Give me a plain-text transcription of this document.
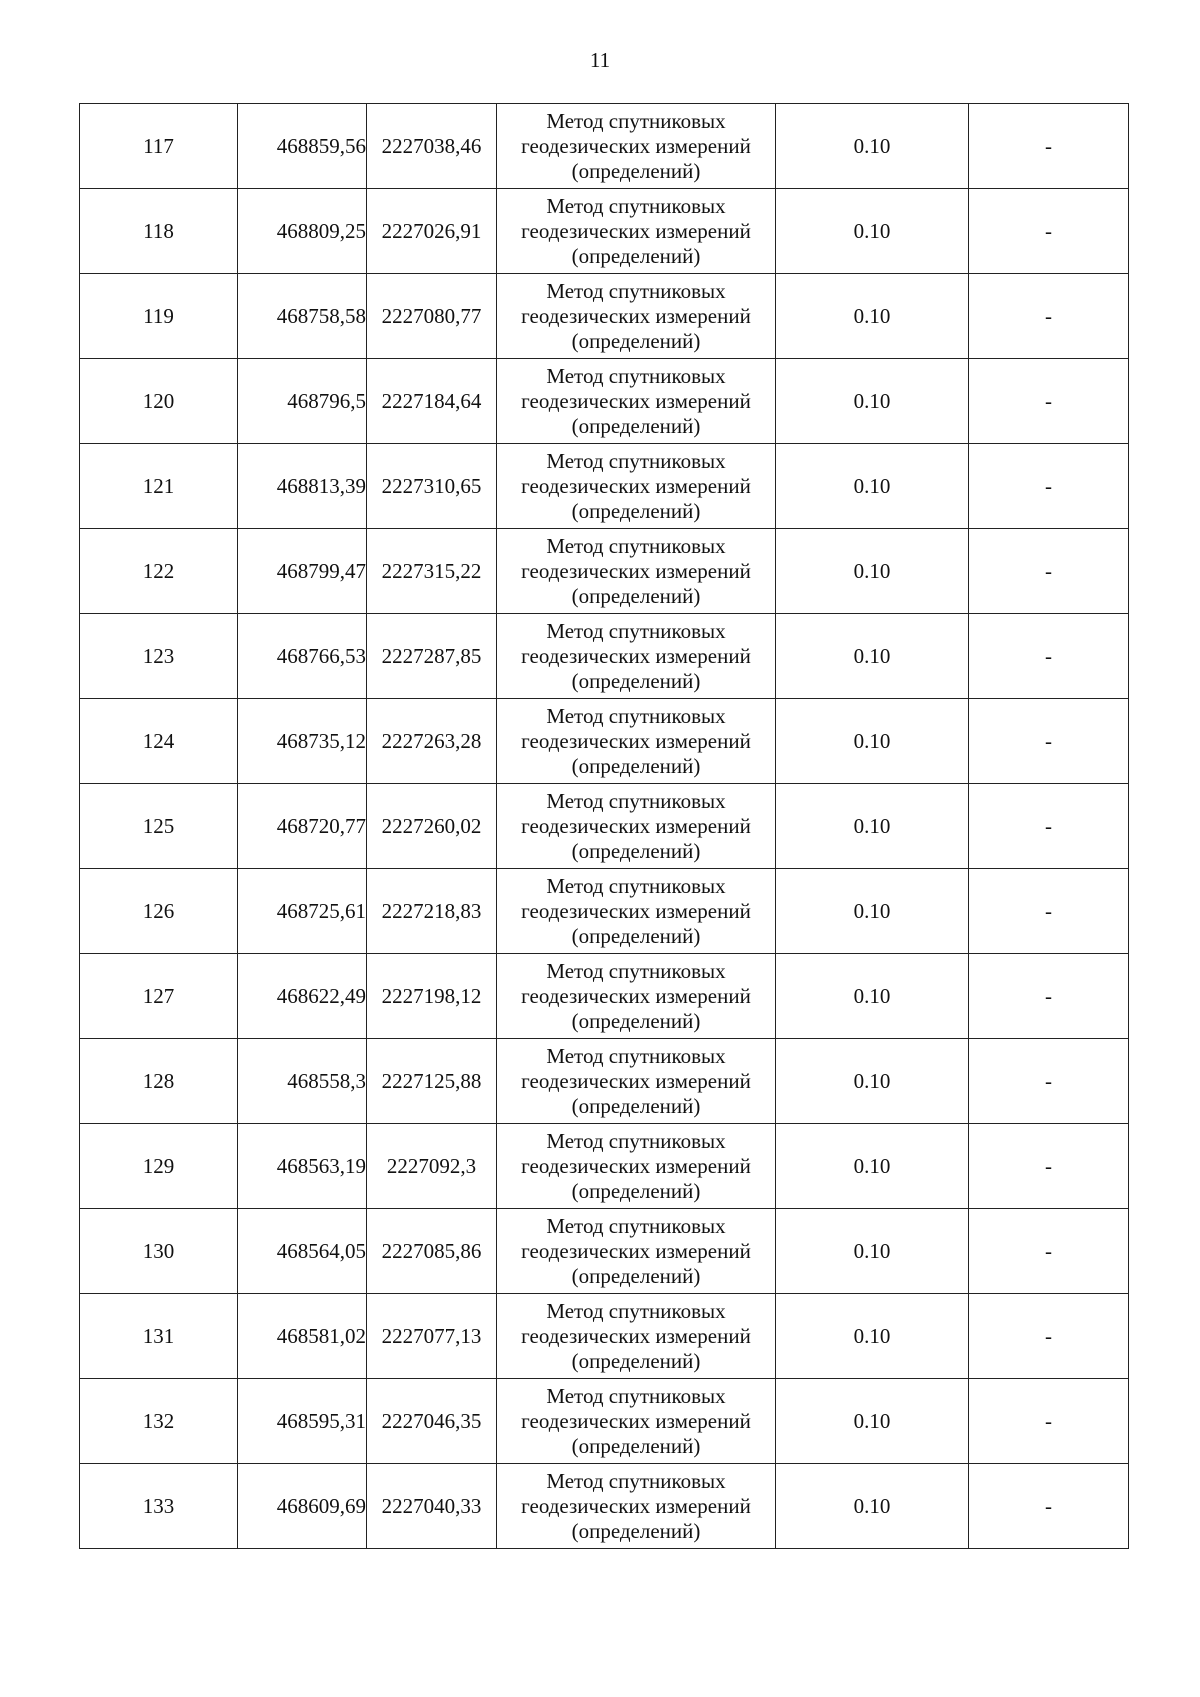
11
117	468859,56	2227038,46	Метод спутниковых геодезических измерений (определений)	0.10	-
118	468809,25	2227026,91	Метод спутниковых геодезических измерений (определений)	0.10	-
119	468758,58	2227080,77	Метод спутниковых геодезических измерений (определений)	0.10	-
120	468796,5	2227184,64	Метод спутниковых геодезических измерений (определений)	0.10	-
121	468813,39	2227310,65	Метод спутниковых геодезических измерений (определений)	0.10	-
122	468799,47	2227315,22	Метод спутниковых геодезических измерений (определений)	0.10	-
123	468766,53	2227287,85	Метод спутниковых геодезических измерений (определений)	0.10	-
124	468735,12	2227263,28	Метод спутниковых геодезических измерений (определений)	0.10	-
125	468720,77	2227260,02	Метод спутниковых геодезических измерений (определений)	0.10	-
126	468725,61	2227218,83	Метод спутниковых геодезических измерений (определений)	0.10	-
127	468622,49	2227198,12	Метод спутниковых геодезических измерений (определений)	0.10	-
128	468558,3	2227125,88	Метод спутниковых геодезических измерений (определений)	0.10	-
129	468563,19	2227092,3	Метод спутниковых геодезических измерений (определений)	0.10	-
130	468564,05	2227085,86	Метод спутниковых геодезических измерений (определений)	0.10	-
131	468581,02	2227077,13	Метод спутниковых геодезических измерений (определений)	0.10	-
132	468595,31	2227046,35	Метод спутниковых геодезических измерений (определений)	0.10	-
133	468609,69	2227040,33	Метод спутниковых геодезических измерений (определений)	0.10	-
